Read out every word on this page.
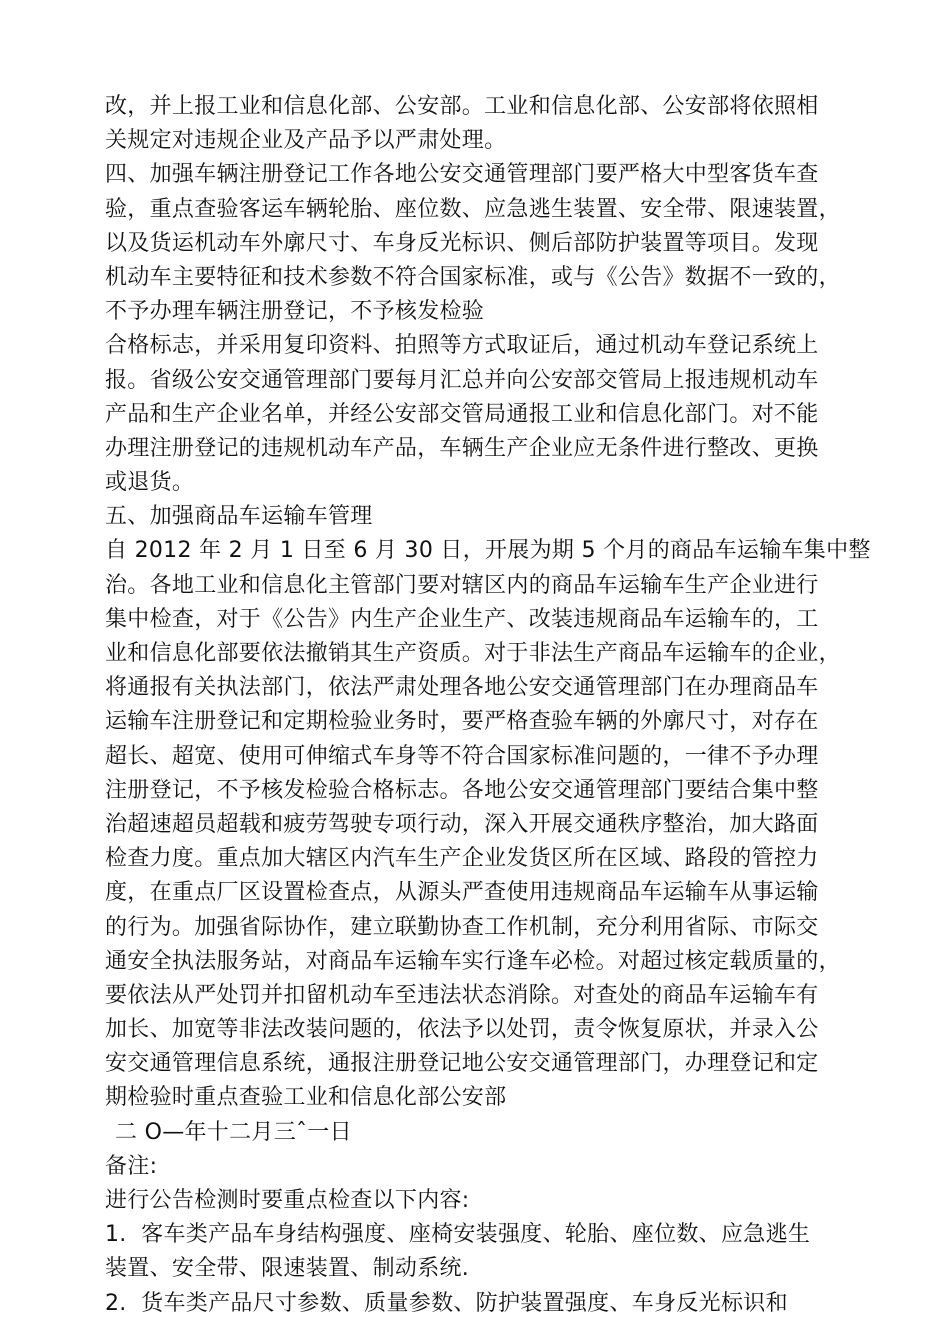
改，并上报工业和信息化部、公安部。工业和信息化部、公安部将依照相
关规定对违规企业及产品予以严肃处理。
四、加强车辆注册登记工作各地公安交通管理部门要严格大中型客货车查
验，重点查验客运车辆轮胎、座位数、应急逃生装置、安全带、限速装置，
以及货运机动车外廓尺寸、车身反光标识、侧后部防护装置等项目。发现
机动车主要特征和技术参数不符合国家标准，或与《公告》数据不一致的，
不予办理车辆注册登记，不予核发检验
合格标志，并采用复印资料、拍照等方式取证后，通过机动车登记系统上
报。省级公安交通管理部门要每月汇总并向公安部交管局上报违规机动车
产品和生产企业名单，并经公安部交管局通报工业和信息化部门。对不能
办理注册登记的违规机动车产品，车辆生产企业应无条件进行整改、更换
或退货。
五、加强商品车运输车管理
自 2012 年 2 月 1 日至 6 月 30 日，开展为期 5 个月的商品车运输车集中整
治。各地工业和信息化主管部门要对辖区内的商品车运输车生产企业进行
集中检查，对于《公告》内生产企业生产、改装违规商品车运输车的，工
业和信息化部要依法撤销其生产资质。对于非法生产商品车运输车的企业，
将通报有关执法部门，依法严肃处理各地公安交通管理部门在办理商品车
运输车注册登记和定期检验业务时，要严格查验车辆的外廓尺寸，对存在
超长、超宽、使用可伸缩式车身等不符合国家标准问题的，一律不予办理
注册登记，不予核发检验合格标志。各地公安交通管理部门要结合集中整
治超速超员超载和疲劳驾驶专项行动，深入开展交通秩序整治，加大路面
检查力度。重点加大辖区内汽车生产企业发货区所在区域、路段的管控力
度，在重点厂区设置检查点，从源头严查使用违规商品车运输车从事运输
的行为。加强省际协作，建立联勤协查工作机制，充分利用省际、市际交
通安全执法服务站，对商品车运输车实行逢车必检。对超过核定载质量的，
要依法从严处罚并扣留机动车至违法状态消除。对查处的商品车运输车有
加长、加宽等非法改装问题的，依法予以处罚，责令恢复原状，并录入公
安交通管理信息系统，通报注册登记地公安交通管理部门，办理登记和定
期检验时重点查验工业和信息化部公安部
二 O—年十二月三ˆ一日
备注:
进行公告检测时要重点检查以下内容:
1.  客车类产品车身结构强度、座椅安装强度、轮胎、座位数、应急逃生
装置、安全带、限速装置、制动系统.
2.  货车类产品尺寸参数、质量参数、防护装置强度、车身反光标识和
